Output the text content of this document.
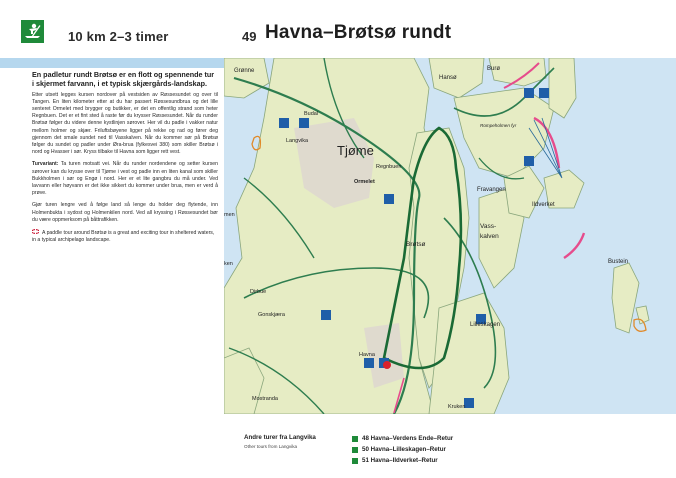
10 km 2–3 timer	49 Havna–Brøtsø rundt
En padletur rundt Brøtsø er en flott og spennende tur i skjermet farvann, i et typisk skjærgårds-landskap.
Etter utsett legges kursen nordover på vestsiden av Røssesundet og over til Tangen. En liten kilometer etter at du har passert Røssesundbrua og det lille senteret Ormelet med brygger og butikker, er det en offentlig strand som heter Regnbuen. Det er et fint sted å raste før du krysser Røssesundet. Når du runder Brøtsø følger du videre denne kystlinjen sørover. Her vil du padle i vakker natur mellom holmer og skjær. Friluftsbøyene ligger på rekke og rad og fører deg gjennom det smale sundet ned til Vasskalven. Når du kommer sør på Brøtsø følger du sundet og padler under Øra-brua (fylkesvei 380) som skiller Brøtsø i nord og Hvasser i sør. Kryss tilbake til Havna som ligger rett vest.
Turvariant: Ta turen motsatt vei. Når du runder nordendene og setter kursen sørover kan du krysse over til Tjøme i vest og padle inn en liten kanal som skiller Bukkholmen i sør og Engø i nord. Her er et lite gangbru du må under. Ved lavvann eller høyvann er det ikke sikkert du kommer under brua, men er verd å prøve.
Gjør turen lengre ved å følge land så lenge du holder deg flytende, inn Holmenbukta i sydost og Holmenkilen nord. Ved all kryssing i Røssesundet bør du være oppmerksom på båttrafikken.
A paddle tour around Brøtsø is a great and exciting tour in sheltered waters, in a typical archipelago landscape.
Grønne
Hansø
Burø
Budal
Langvika
Tjøme
Regnbuen
Ormelet
Brøtsø
Vass-
kalven
Ildverket
Fravangen
Rompeholmen fyr
Bustein
Lilleskagen
Havna
Gonskjæra
Dirbue
Mostranda
Kruken
men
ken
Andre turer fra Langvika
Other tours from Langvika
48 Havna–Verdens Ende–Retur
50 Havna–Lilleskagen–Retur
51 Havna–Ildverket–Retur
